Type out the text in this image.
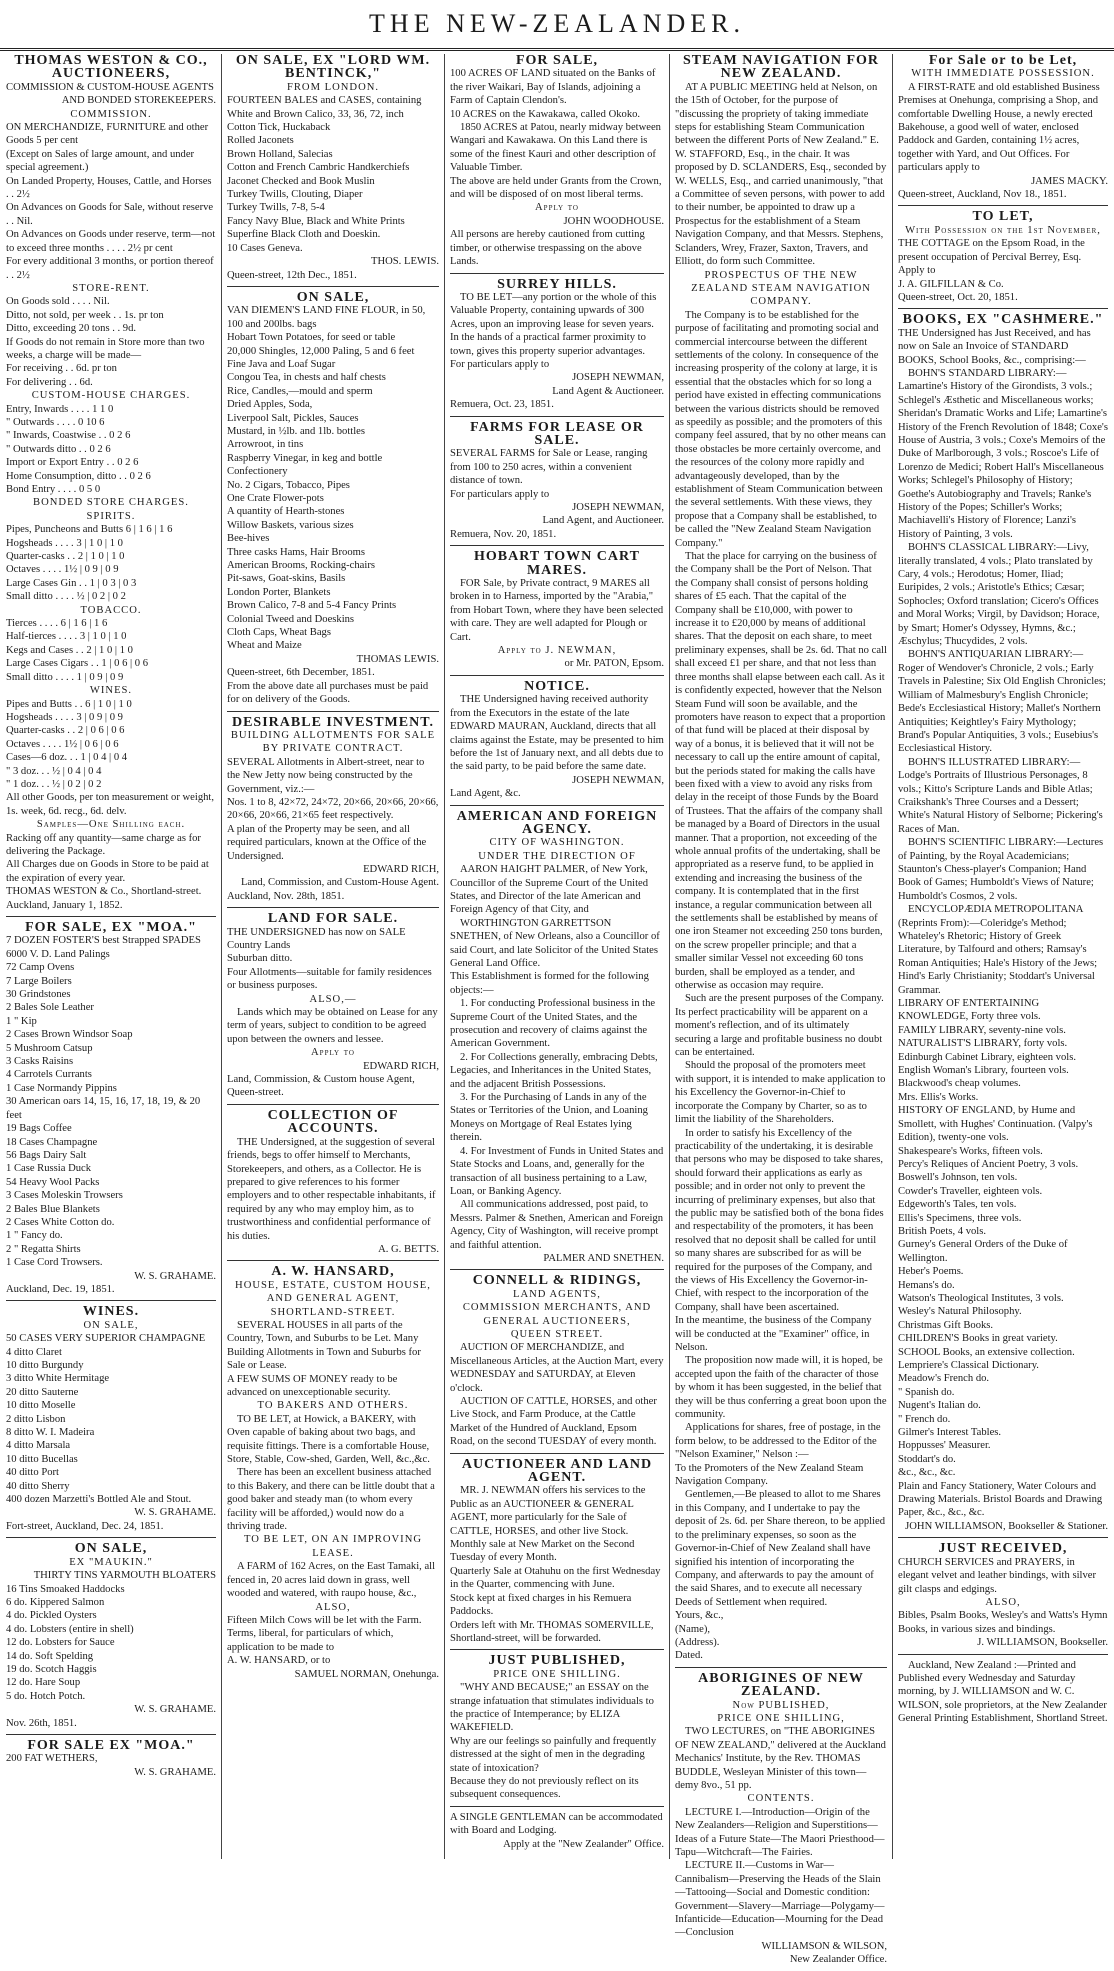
THE NEW-ZEALANDER.
THOMAS WESTON & CO.,
AUCTIONEERS,
COMMISSION & CUSTOM-HOUSE AGENTS
AND BONDED STOREKEEPERS.
COMMISSION.
ON MERCHANDIZE, FURNITURE and other Goods 5 per cent
(Except on Sales of large amount, and under special agreement.)
On Landed Property, Houses, Cattle, and Horses . . 2½
On Advances on Goods for Sale, without reserve . . Nil.
On Advances on Goods under reserve, term—not to exceed three months . . . . 2½ pr cent
For every additional 3 months, or portion thereof . . 2½
STORE-RENT.
On Goods sold . . . . Nil.
Ditto, not sold, per week . . 1s. pr ton
Ditto, exceeding 20 tons . . 9d.
If Goods do not remain in Store more than two weeks, a charge will be made—
For receiving . . 6d. pr ton
For delivering . . 6d.
CUSTOM-HOUSE CHARGES.
Entry, Inwards . . . . 1 1 0
" Outwards . . . . 0 10 6
" Inwards, Coastwise . . 0 2 6
" Outwards ditto . . 0 2 6
Import or Export Entry . . 0 2 6
Home Consumption, ditto . . 0 2 6
Bond Entry . . . . 0 5 0
BONDED STORE CHARGES.
SPIRITS.
Pipes, Puncheons and Butts 6 | 1 6 | 1 6
Hogsheads . . . . 3 | 1 0 | 1 0
Quarter-casks . . 2 | 1 0 | 1 0
Octaves . . . . 1½ | 0 9 | 0 9
Large Cases Gin . . 1 | 0 3 | 0 3
Small ditto . . . . ½ | 0 2 | 0 2
TOBACCO.
Tierces . . . . 6 | 1 6 | 1 6
Half-tierces . . . . 3 | 1 0 | 1 0
Kegs and Cases . . 2 | 1 0 | 1 0
Large Cases Cigars . . 1 | 0 6 | 0 6
Small ditto . . . . 1 | 0 9 | 0 9
WINES.
Pipes and Butts . . 6 | 1 0 | 1 0
Hogsheads . . . . 3 | 0 9 | 0 9
Quarter-casks . . 2 | 0 6 | 0 6
Octaves . . . . 1½ | 0 6 | 0 6
Cases—6 doz. . . 1 | 0 4 | 0 4
" 3 doz. . . ½ | 0 4 | 0 4
" 1 doz. . . ½ | 0 2 | 0 2
All other Goods, per ton measurement or weight, 1s. week, 6d. recg., 6d. delv.
Samples—One Shilling each.
Racking off any quantity—same charge as for delivering the Package.
All Charges due on Goods in Store to be paid at the expiration of every year.
THOMAS WESTON & Co., Shortland-street.
Auckland, January 1, 1852.
FOR SALE, EX "MOA."
7 DOZEN FOSTER'S best Strapped SPADES
6000 V. D. Land Palings
72 Camp Ovens
7 Large Boilers
30 Grindstones
2 Bales Sole Leather
1 " Kip
2 Cases Brown Windsor Soap
5 Mushroom Catsup
3 Casks Raisins
4 Carrotels Currants
1 Case Normandy Pippins
30 American oars 14, 15, 16, 17, 18, 19, & 20 feet
19 Bags Coffee
18 Cases Champagne
56 Bags Dairy Salt
1 Case Russia Duck
54 Heavy Wool Packs
3 Cases Moleskin Trowsers
2 Bales Blue Blankets
2 Cases White Cotton do.
1 " Fancy do.
2 " Regatta Shirts
1 Case Cord Trowsers.
W. S. GRAHAME.
Auckland, Dec. 19, 1851.
WINES.
ON SALE,
50 CASES VERY SUPERIOR CHAMPAGNE
4 ditto Claret
10 ditto Burgundy
3 ditto White Hermitage
20 ditto Sauterne
10 ditto Moselle
2 ditto Lisbon
8 ditto W. I. Madeira
4 ditto Marsala
10 ditto Bucellas
40 ditto Port
40 ditto Sherry
400 dozen Marzetti's Bottled Ale and Stout.
W. S. GRAHAME.
Fort-street, Auckland, Dec. 24, 1851.
ON SALE,
EX "MAUKIN."
THIRTY TINS YARMOUTH BLOATERS
16 Tins Smoaked Haddocks
6 do. Kippered Salmon
4 do. Pickled Oysters
4 do. Lobsters (entire in shell)
12 do. Lobsters for Sauce
14 do. Soft Spelding
19 do. Scotch Haggis
12 do. Hare Soup
5 do. Hotch Potch.
W. S. GRAHAME.
Nov. 26th, 1851.
FOR SALE EX "MOA."
200 FAT WETHERS,
W. S. GRAHAME.
ON SALE, EX "LORD WM. BENTINCK,"
FROM LONDON.
FOURTEEN BALES and CASES, containing White and Brown Calico, 33, 36, 72, inch
Cotton Tick, Huckaback
Rolled Jaconets
Brown Holland, Salecias
Cotton and French Cambric Handkerchiefs
Jaconet Checked and Book Muslin
Turkey Twills, Clouting, Diaper
Turkey Twills, 7-8, 5-4
Fancy Navy Blue, Black and White Prints
Superfine Black Cloth and Doeskin.
10 Cases Geneva.
THOS. LEWIS.
Queen-street, 12th Dec., 1851.
ON SALE,
VAN DIEMEN'S LAND FINE FLOUR, in 50, 100 and 200lbs. bags
Hobart Town Potatoes, for seed or table
20,000 Shingles, 12,000 Paling, 5 and 6 feet
Fine Java and Loaf Sugar
Congou Tea, in chests and half chests
Rice, Candles,—mould and sperm
Dried Apples, Soda,
Liverpool Salt, Pickles, Sauces
Mustard, in ½lb. and 1lb. bottles
Arrowroot, in tins
Raspberry Vinegar, in keg and bottle
Confectionery
No. 2 Cigars, Tobacco, Pipes
One Crate Flower-pots
A quantity of Hearth-stones
Willow Baskets, various sizes
Bee-hives
Three casks Hams, Hair Brooms
American Brooms, Rocking-chairs
Pit-saws, Goat-skins, Basils
London Porter, Blankets
Brown Calico, 7-8 and 5-4 Fancy Prints
Colonial Tweed and Doeskins
Cloth Caps, Wheat Bags
Wheat and Maize
THOMAS LEWIS.
Queen-street, 6th December, 1851.
From the above date all purchases must be paid for on delivery of the Goods.
DESIRABLE INVESTMENT.
BUILDING ALLOTMENTS FOR SALE BY PRIVATE CONTRACT.
SEVERAL Allotments in Albert-street, near to the New Jetty now being constructed by the Government, viz.:—
Nos. 1 to 8, 42×72, 24×72, 20×66, 20×66, 20×66, 20×66, 20×66, 21×65 feet respectively.
A plan of the Property may be seen, and all required particulars, known at the Office of the Undersigned.
EDWARD RICH,
Land, Commission, and Custom-House Agent.
Auckland, Nov. 28th, 1851.
LAND FOR SALE.
THE UNDERSIGNED has now on SALE Country Lands
Suburban ditto.
Four Allotments—suitable for family residences or business purposes.
ALSO,—
Lands which may be obtained on Lease for any term of years, subject to condition to be agreed upon between the owners and lessee.
Apply to
EDWARD RICH,
Land, Commission, & Custom house Agent, Queen-street.
COLLECTION OF ACCOUNTS.
THE Undersigned, at the suggestion of several friends, begs to offer himself to Merchants, Storekeepers, and others, as a Collector. He is prepared to give references to his former employers and to other respectable inhabitants, if required by any who may employ him, as to trustworthiness and confidential performance of his duties.
A. G. BETTS.
A. W. HANSARD,
HOUSE, ESTATE, CUSTOM HOUSE, AND GENERAL AGENT,
SHORTLAND-STREET.
SEVERAL HOUSES in all parts of the Country, Town, and Suburbs to be Let. Many Building Allotments in Town and Suburbs for Sale or Lease.
A FEW SUMS OF MONEY ready to be advanced on unexceptionable security.
TO BAKERS AND OTHERS.
TO BE LET, at Howick, a BAKERY, with Oven capable of baking about two bags, and requisite fittings. There is a comfortable House, Store, Stable, Cow-shed, Garden, Well, &c.,&c.
There has been an excellent business attached to this Bakery, and there can be little doubt that a good baker and steady man (to whom every facility will be afforded,) would now do a thriving trade.
TO BE LET, ON AN IMPROVING LEASE.
A FARM of 162 Acres, on the East Tamaki, all fenced in, 20 acres laid down in grass, well wooded and watered, with raupo house, &c.,
ALSO,
Fifteen Milch Cows will be let with the Farm.
Terms, liberal, for particulars of which, application to be made to
A. W. HANSARD, or to
SAMUEL NORMAN, Onehunga.
FOR SALE,
100 ACRES OF LAND situated on the Banks of the river Waikari, Bay of Islands, adjoining a Farm of Captain Clendon's.
10 ACRES on the Kawakawa, called Okoko.
1850 ACRES at Patou, nearly midway between Wangari and Kawakawa. On this Land there is some of the finest Kauri and other description of Valuable Timber.
The above are held under Grants from the Crown, and will be disposed of on most liberal terms.
Apply to
JOHN WOODHOUSE.
All persons are hereby cautioned from cutting timber, or otherwise trespassing on the above Lands.
SURREY HILLS.
TO BE LET—any portion or the whole of this Valuable Property, containing upwards of 300 Acres, upon an improving lease for seven years.
In the hands of a practical farmer proximity to town, gives this property superior advantages.
For particulars apply to
JOSEPH NEWMAN,
Land Agent & Auctioneer.
Remuera, Oct. 23, 1851.
FARMS FOR LEASE OR SALE.
SEVERAL FARMS for Sale or Lease, ranging from 100 to 250 acres, within a convenient distance of town.
For particulars apply to
JOSEPH NEWMAN,
Land Agent, and Auctioneer.
Remuera, Nov. 20, 1851.
HOBART TOWN CART MARES.
FOR Sale, by Private contract, 9 MARES all broken in to Harness, imported by the "Arabia," from Hobart Town, where they have been selected with care. They are well adapted for Plough or Cart.
Apply to J. NEWMAN,
or Mr. PATON, Epsom.
NOTICE.
THE Undersigned having received authority from the Executors in the estate of the late EDWARD MAURAN, Auckland, directs that all claims against the Estate, may be presented to him before the 1st of January next, and all debts due to the said party, to be paid before the same date.
JOSEPH NEWMAN,
Land Agent, &c.
AMERICAN AND FOREIGN AGENCY.
CITY OF WASHINGTON.
UNDER THE DIRECTION OF
AARON HAIGHT PALMER, of New York, Councillor of the Supreme Court of the United States, and Director of the late American and Foreign Agency of that City, and
WORTHINGTON GARRETTSON SNETHEN, of New Orleans, also a Councillor of said Court, and late Solicitor of the United States General Land Office.
This Establishment is formed for the following objects:—
1. For conducting Professional business in the Supreme Court of the United States, and the prosecution and recovery of claims against the American Government.
2. For Collections generally, embracing Debts, Legacies, and Inheritances in the United States, and the adjacent British Possessions.
3. For the Purchasing of Lands in any of the States or Territories of the Union, and Loaning Moneys on Mortgage of Real Estates lying therein.
4. For Investment of Funds in United States and State Stocks and Loans, and, generally for the transaction of all business pertaining to a Law, Loan, or Banking Agency.
All communications addressed, post paid, to Messrs. Palmer & Snethen, American and Foreign Agency, City of Washington, will receive prompt and faithful attention.
PALMER AND SNETHEN.
CONNELL & RIDINGS,
LAND AGENTS,
COMMISSION MERCHANTS, AND GENERAL AUCTIONEERS,
QUEEN STREET.
AUCTION OF MERCHANDIZE, and Miscellaneous Articles, at the Auction Mart, every WEDNESDAY and SATURDAY, at Eleven o'clock.
AUCTION OF CATTLE, HORSES, and other Live Stock, and Farm Produce, at the Cattle Market of the Hundred of Auckland, Epsom Road, on the second TUESDAY of every month.
AUCTIONEER AND LAND AGENT.
MR. J. NEWMAN offers his services to the Public as an AUCTIONEER & GENERAL AGENT, more particularly for the Sale of CATTLE, HORSES, and other live Stock.
Monthly sale at New Market on the Second Tuesday of every Month.
Quarterly Sale at Otahuhu on the first Wednesday in the Quarter, commencing with June.
Stock kept at fixed charges in his Remuera Paddocks.
Orders left with Mr. THOMAS SOMERVILLE, Shortland-street, will be forwarded.
JUST PUBLISHED,
PRICE ONE SHILLING.
"WHY AND BECAUSE;" an ESSAY on the strange infatuation that stimulates individuals to the practice of Intemperance; by ELIZA WAKEFIELD.
Why are our feelings so painfully and frequently distressed at the sight of men in the degrading state of intoxication?
Because they do not previously reflect on its subsequent consequences.
A SINGLE GENTLEMAN can be accommodated with Board and Lodging.
Apply at the "New Zealander" Office.
STEAM NAVIGATION FOR NEW ZEALAND.
AT A PUBLIC MEETING held at Nelson, on the 15th of October, for the purpose of "discussing the propriety of taking immediate steps for establishing Steam Communication between the different Ports of New Zealand." E. W. STAFFORD, Esq., in the chair. It was proposed by D. SCLANDERS, Esq., seconded by W. WELLS, Esq., and carried unanimously, "that a Committee of seven persons, with power to add to their number, be appointed to draw up a Prospectus for the establishment of a Steam Navigation Company, and that Messrs. Stephens, Sclanders, Wrey, Frazer, Saxton, Travers, and Elliott, do form such Committee.
PROSPECTUS OF THE NEW ZEALAND STEAM NAVIGATION COMPANY.
The Company is to be established for the purpose of facilitating and promoting social and commercial intercourse between the different settlements of the colony. In consequence of the increasing prosperity of the colony at large, it is essential that the obstacles which for so long a period have existed in effecting communications between the various districts should be removed as speedily as possible; and the promoters of this company feel assured, that by no other means can those obstacles be more certainly overcome, and the resources of the colony more rapidly and advantageously developed, than by the establishment of Steam Communication between the several settlements. With these views, they propose that a Company shall be established, to be called the "New Zealand Steam Navigation Company."
That the place for carrying on the business of the Company shall be the Port of Nelson. That the Company shall consist of persons holding shares of £5 each. That the capital of the Company shall be £10,000, with power to increase it to £20,000 by means of additional shares. That the deposit on each share, to meet preliminary expenses, shall be 2s. 6d. That no call shall exceed £1 per share, and that not less than three months shall elapse between each call. As it is confidently expected, however that the Nelson Steam Fund will soon be available, and the promoters have reason to expect that a proportion of that fund will be placed at their disposal by way of a bonus, it is believed that it will not be necessary to call up the entire amount of capital, but the periods stated for making the calls have been fixed with a view to avoid any risks from delay in the receipt of those Funds by the Board of Trustees. That the affairs of the company shall be managed by a Board of Directors in the usual manner. That a proportion, not exceeding of the whole annual profits of the undertaking, shall be appropriated as a reserve fund, to be applied in extending and increasing the business of the company. It is contemplated that in the first instance, a regular communication between all the settlements shall be established by means of one iron Steamer not exceeding 250 tons burden, on the screw propeller principle; and that a smaller similar Vessel not exceeding 60 tons burden, shall be employed as a tender, and otherwise as occasion may require.
Such are the present purposes of the Company. Its perfect practicability will be apparent on a moment's reflection, and of its ultimately securing a large and profitable business no doubt can be entertained.
Should the proposal of the promoters meet with support, it is intended to make application to his Excellency the Governor-in-Chief to incorporate the Company by Charter, so as to limit the liability of the Shareholders.
In order to satisfy his Excellency of the practicability of the undertaking, it is desirable that persons who may be disposed to take shares, should forward their applications as early as possible; and in order not only to prevent the incurring of preliminary expenses, but also that the public may be satisfied both of the bona fides and respectability of the promoters, it has been resolved that no deposit shall be called for until so many shares are subscribed for as will be required for the purposes of the Company, and the views of His Excellency the Governor-in-Chief, with respect to the incorporation of the Company, shall have been ascertained.
In the meantime, the business of the Company will be conducted at the "Examiner" office, in Nelson.
The proposition now made will, it is hoped, be accepted upon the faith of the character of those by whom it has been suggested, in the belief that they will be thus conferring a great boon upon the community.
Applications for shares, free of postage, in the form below, to be addressed to the Editor of the "Nelson Examiner," Nelson :—
To the Promoters of the New Zealand Steam Navigation Company.
Gentlemen,—Be pleased to allot to me Shares in this Company, and I undertake to pay the deposit of 2s. 6d. per Share thereon, to be applied to the preliminary expenses, so soon as the Governor-in-Chief of New Zealand shall have signified his intention of incorporating the Company, and afterwards to pay the amount of the said Shares, and to execute all necessary Deeds of Settlement when required.
Yours, &c.,
(Name),
(Address).
Dated.
ABORIGINES OF NEW ZEALAND.
Now PUBLISHED,
PRICE ONE SHILLING,
TWO LECTURES, on "THE ABORIGINES OF NEW ZEALAND," delivered at the Auckland Mechanics' Institute, by the Rev. THOMAS BUDDLE, Wesleyan Minister of this town—demy 8vo., 51 pp.
CONTENTS.
LECTURE I.—Introduction—Origin of the New Zealanders—Religion and Superstitions—Ideas of a Future State—The Maori Priesthood—Tapu—Witchcraft—The Fairies.
LECTURE II.—Customs in War—Cannibalism—Preserving the Heads of the Slain—Tattooing—Social and Domestic condition: Government—Slavery—Marriage—Polygamy—Infanticide—Education—Mourning for the Dead—Conclusion
WILLIAMSON & WILSON,
New Zealander Office.
For Sale or to be Let,
WITH IMMEDIATE POSSESSION.
A FIRST-RATE and old established Business Premises at Onehunga, comprising a Shop, and comfortable Dwelling House, a newly erected Bakehouse, a good well of water, enclosed Paddock and Garden, containing 1½ acres, together with Yard, and Out Offices. For particulars apply to
JAMES MACKY.
Queen-street, Auckland, Nov 18., 1851.
TO LET,
With Possession on the 1st November,
THE COTTAGE on the Epsom Road, in the present occupation of Percival Berrey, Esq. Apply to
J. A. GILFILLAN & Co.
Queen-street, Oct. 20, 1851.
BOOKS, EX "CASHMERE."
THE Undersigned has Just Received, and has now on Sale an Invoice of STANDARD BOOKS, School Books, &c., comprising:—
BOHN'S STANDARD LIBRARY:—Lamartine's History of the Girondists, 3 vols.; Schlegel's Æsthetic and Miscellaneous works; Sheridan's Dramatic Works and Life; Lamartine's History of the French Revolution of 1848; Coxe's House of Austria, 3 vols.; Coxe's Memoirs of the Duke of Marlborough, 3 vols.; Roscoe's Life of Lorenzo de Medici; Robert Hall's Miscellaneous Works; Schlegel's Philosophy of History; Goethe's Autobiography and Travels; Ranke's History of the Popes; Schiller's Works; Machiavelli's History of Florence; Lanzi's History of Painting, 3 vols.
BOHN'S CLASSICAL LIBRARY:—Livy, literally translated, 4 vols.; Plato translated by Cary, 4 vols.; Herodotus; Homer, Iliad; Euripides, 2 vols.; Aristotle's Ethics; Cæsar; Sophocles; Oxford translation; Cicero's Offices and Moral Works; Virgil, by Davidson; Horace, by Smart; Homer's Odyssey, Hymns, &c.; Æschylus; Thucydides, 2 vols.
BOHN'S ANTIQUARIAN LIBRARY:—Roger of Wendover's Chronicle, 2 vols.; Early Travels in Palestine; Six Old English Chronicles; William of Malmesbury's English Chronicle; Bede's Ecclesiastical History; Mallet's Northern Antiquities; Keightley's Fairy Mythology; Brand's Popular Antiquities, 3 vols.; Eusebius's Ecclesiastical History.
BOHN'S ILLUSTRATED LIBRARY:—Lodge's Portraits of Illustrious Personages, 8 vols.; Kitto's Scripture Lands and Bible Atlas; Craikshank's Three Courses and a Dessert; White's Natural History of Selborne; Pickering's Races of Man.
BOHN'S SCIENTIFIC LIBRARY:—Lectures of Painting, by the Royal Academicians; Staunton's Chess-player's Companion; Hand Book of Games; Humboldt's Views of Nature; Humboldt's Cosmos, 2 vols.
ENCYCLOPÆDIA METROPOLITANA (Reprints From):—Coleridge's Method; Whateley's Rhetoric; History of Greek Literature, by Talfourd and others; Ramsay's Roman Antiquities; Hale's History of the Jews; Hind's Early Christianity; Stoddart's Universal Grammar.
LIBRARY OF ENTERTAINING KNOWLEDGE, Forty three vols.
FAMILY LIBRARY, seventy-nine vols.
NATURALIST'S LIBRARY, forty vols.
Edinburgh Cabinet Library, eighteen vols.
English Woman's Library, fourteen vols.
Blackwood's cheap volumes.
Mrs. Ellis's Works.
HISTORY OF ENGLAND, by Hume and Smollett, with Hughes' Continuation. (Valpy's Edition), twenty-one vols.
Shakespeare's Works, fifteen vols.
Percy's Reliques of Ancient Poetry, 3 vols.
Boswell's Johnson, ten vols.
Cowder's Traveller, eighteen vols.
Edgeworth's Tales, ten vols.
Ellis's Specimens, three vols.
British Poets, 4 vols.
Gurney's General Orders of the Duke of Wellington.
Heber's Poems.
Hemans's do.
Watson's Theological Institutes, 3 vols.
Wesley's Natural Philosophy.
Christmas Gift Books.
CHILDREN'S Books in great variety.
SCHOOL Books, an extensive collection.
Lempriere's Classical Dictionary.
Meadow's French do.
" Spanish do.
Nugent's Italian do.
" French do.
Gilmer's Interest Tables.
Hoppusses' Measurer.
Stoddart's do.
&c., &c., &c.
Plain and Fancy Stationery, Water Colours and Drawing Materials. Bristol Boards and Drawing Paper, &c., &c., &c.
JOHN WILLIAMSON, Bookseller & Stationer.
JUST RECEIVED,
CHURCH SERVICES and PRAYERS, in elegant velvet and leather bindings, with silver gilt clasps and edgings.
ALSO,
Bibles, Psalm Books, Wesley's and Watts's Hymn Books, in various sizes and bindings.
J. WILLIAMSON, Bookseller.
Auckland, New Zealand :—Printed and Published every Wednesday and Saturday morning, by J. WILLIAMSON and W. C. WILSON, sole proprietors, at the New Zealander General Printing Establishment, Shortland Street.
